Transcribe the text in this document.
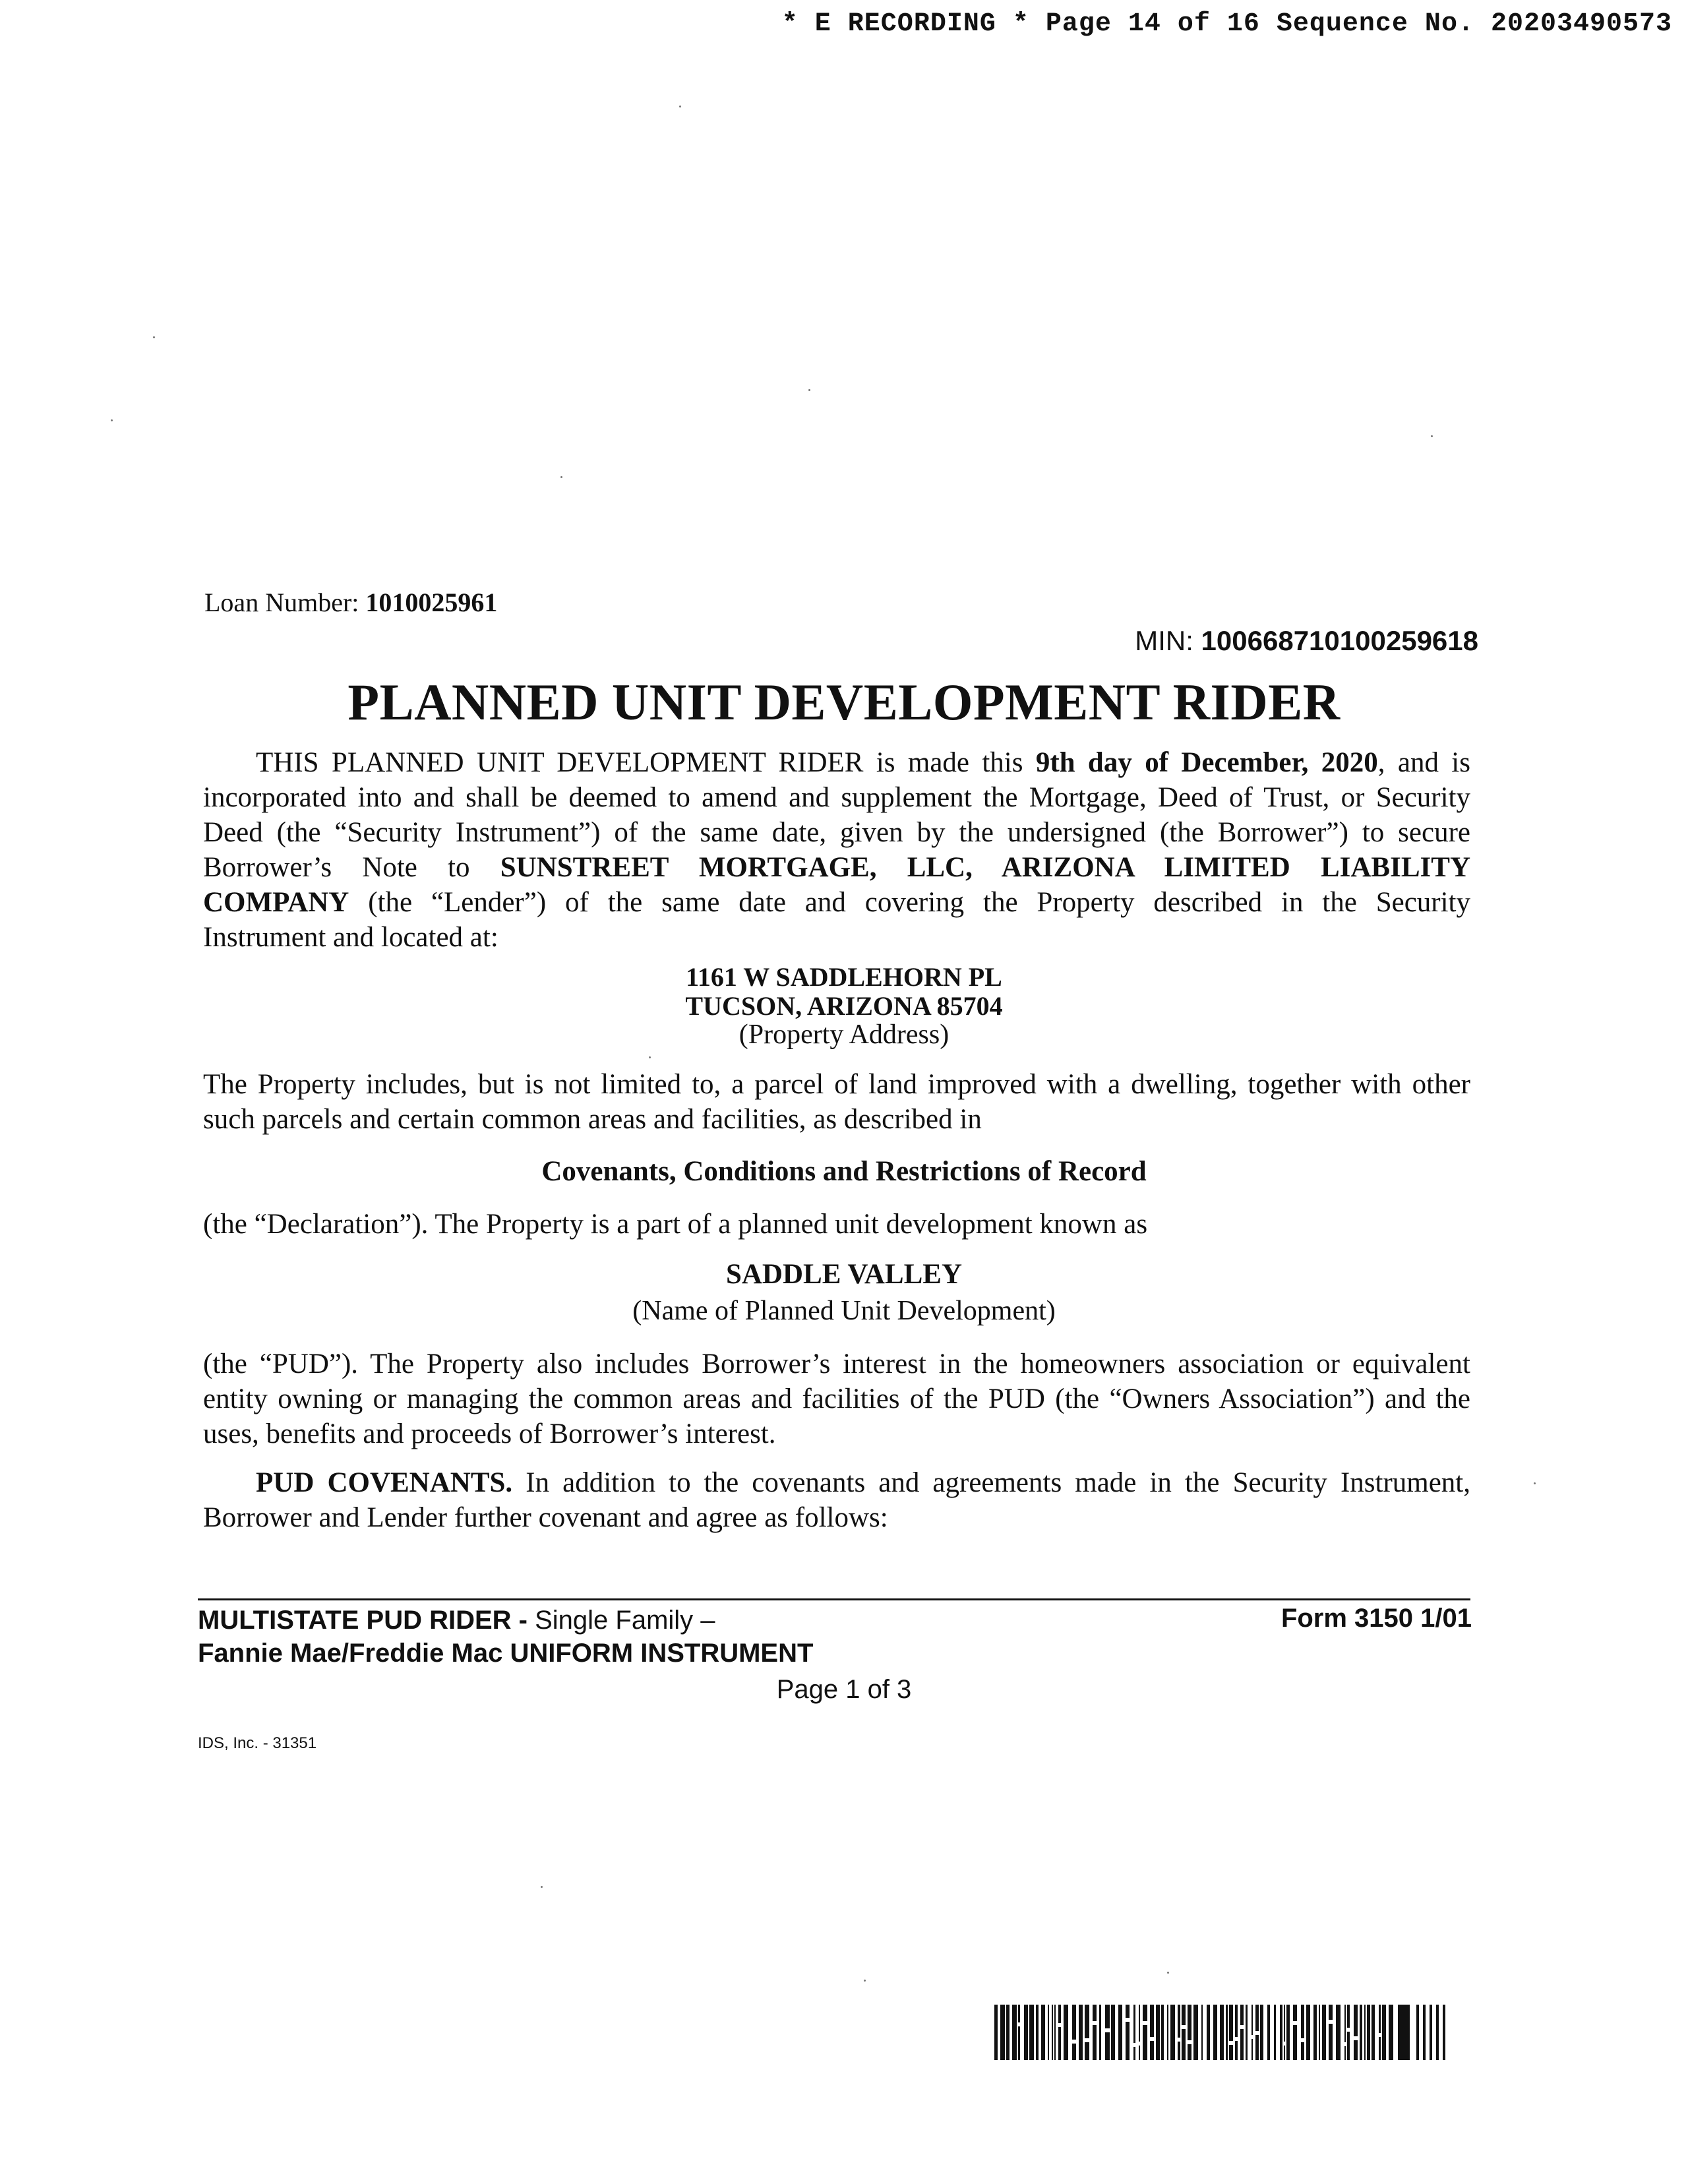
* E RECORDING * Page 14 of 16 Sequence No. 20203490573
Loan Number: 1010025961
MIN: 100668710100259618
PLANNED UNIT DEVELOPMENT RIDER
THIS PLANNED UNIT DEVELOPMENT RIDER is made this 9th day of December, 2020, and is
incorporated into and shall be deemed to amend and supplement the Mortgage, Deed of Trust, or Security
Deed (the “Security Instrument”) of the same date, given by the undersigned (the Borrower”) to secure
Borrower’s Note to SUNSTREET MORTGAGE, LLC, ARIZONA LIMITED LIABILITY
COMPANY (the “Lender”) of the same date and covering the Property described in the Security
Instrument and located at:
1161 W SADDLEHORN PL
TUCSON, ARIZONA 85704
(Property Address)
The Property includes, but is not limited to, a parcel of land improved with a dwelling, together with other
such parcels and certain common areas and facilities, as described in
Covenants, Conditions and Restrictions of Record
(the “Declaration”). The Property is a part of a planned unit development known as
SADDLE VALLEY
(Name of Planned Unit Development)
(the “PUD”). The Property also includes Borrower’s interest in the homeowners association or equivalent
entity owning or managing the common areas and facilities of the PUD (the “Owners Association”) and the
uses, benefits and proceeds of Borrower’s interest.
PUD COVENANTS. In addition to the covenants and agreements made in the Security Instrument,
Borrower and Lender further covenant and agree as follows:
MULTISTATE PUD RIDER - Single Family –
Fannie Mae/Freddie Mac UNIFORM INSTRUMENT
Form 3150 1/01
Page 1 of 3
IDS, Inc. - 31351
